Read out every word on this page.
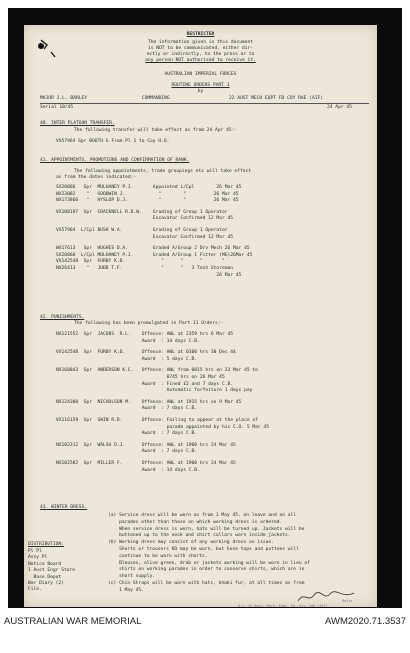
RESTRICTED
The information given in this document
is NOT to be communicated, either dir-
ectly or indirectly, to the press or to
any person NOT authorised to receive it.
AUSTRALIAN IMPERIAL FORCES
ROUTINE ORDERS PART 1
by
MAJOR J.L. BARLEY	COMMANDING	22 AUST MECH EQPT FD COY RAE (AIF)
Serial 10/45	24 Apr 45
40. INTER PLATOON TRANSFER.
The following transfer will take effect as from 24 Apr 45:-
VX57964 Spr BOOTH G From Pl 1 to Coy H.Q.
41. APPOINTMENTS, PROMOTIONS AND CONFIRMATION OF RANK.
The following appointments, trade groupings etc will take effect
as from the dates indicated:-
SX20866   Spr  MULHANEY P.J.       Appointed L/Cpl        26 Mar 45
WX23082    "   GOODWIN J.            "        "          26 Mar 45
NX173866   "   HYSLOP D.J.           "        "          26 Mar 45
VX108197  Spr  CRACKNELL R.D.W.    Grading of Group 1 Operator
Excavator Confirmed 12 Mar 45
VX57964  L/Cpl BUSH W.A.           Grading of Group 1 Operator
Excavator Confirmed 12 Mar 45
WX17613   Spr  HUGHES D.A.         Graded A/Group 2 Drv Mech 26 Mar 45
SX20866  L/Cpl MULHANEY P.J.       Graded A/Group 1 Fitter (MG)26Mar 45
VX142548  Spr  FURBY K.D.             "      "      "       "
NX26413    "   JUDD T.F.              "      "   3 Tech Storeman
26 Mar 45
42. PUNISHMENTS.
The following has been promulgated in Part 11 Orders:-
NX121552  Spr  JACOBS  R.L.    Offence: AWL at 2359 hrs 6 Mar 45
Award  : 14 days C.B.
VX142548  Spr  FURBY K.D.      Offence: AWL at 0100 hrs 30 Dec 44
Award  : 5 days C.B.
NX160843  Spr  ANDERSON K.C.   Offence: AWL from 0815 hrs on 23 Mar 45 to
0745 hrs on 26 Mar 45
Award  : Fined £2 and 7 days C.B.
Automatic forfeiture 1 days pay
NX124308  Spr  NICHOLSON M.    Offence: AWL at 1915 hrs on 9 Mar 45
Award  : 7 days C.B.
VX116159  Spr  GWIN R.D.       Offence: Failing to appear at the place of
parade appointed by his C.O. 5 Mar 45
Award  : 7 days C.B.
NX102312  Spr  WALSH D.J.      Offence: AWL at 1900 hrs 24 Mar 45
Award  : 7 days C.B.
NX102582  Spr  MILLER F.       Offence: AWL at 1900 hrs 24 Mar 45
Award  : 14 days C.B.
43. WINTER DRESS.
(a) Service dress will be worn as from 1 May 45, on leave and on all
parades other than those on which working dress is ordered.
When service dress is worn, hats will be turned up. Jackets will be
buttoned up to the neck and shirt collars worn inside jackets.
(b) Working dress may consist of any working dress on issue.
Shorts or trousers KD may be worn, but hose tops and puttees will
continue to be worn with shorts.
Blouses, olive green, drab or jackets working will be worn in lieu of
shirts on working parades in order to conserve shirts, which are in
short supply.
(c) Chin Straps will be worn with hats, khaki fur, at all times as from
1 May 45.
DISTRIBUTION:
Pl Pl
Assy Pl
Notice Board
1 Aust Engr Store
Base Depot
War Diary (2)
File.
Major
O.C. 22 Aust. Mech. Eqpt. Fd. Coy. RAE (AIF)
AUSTRALIAN WAR MEMORIAL	AWM2020.71.3537
